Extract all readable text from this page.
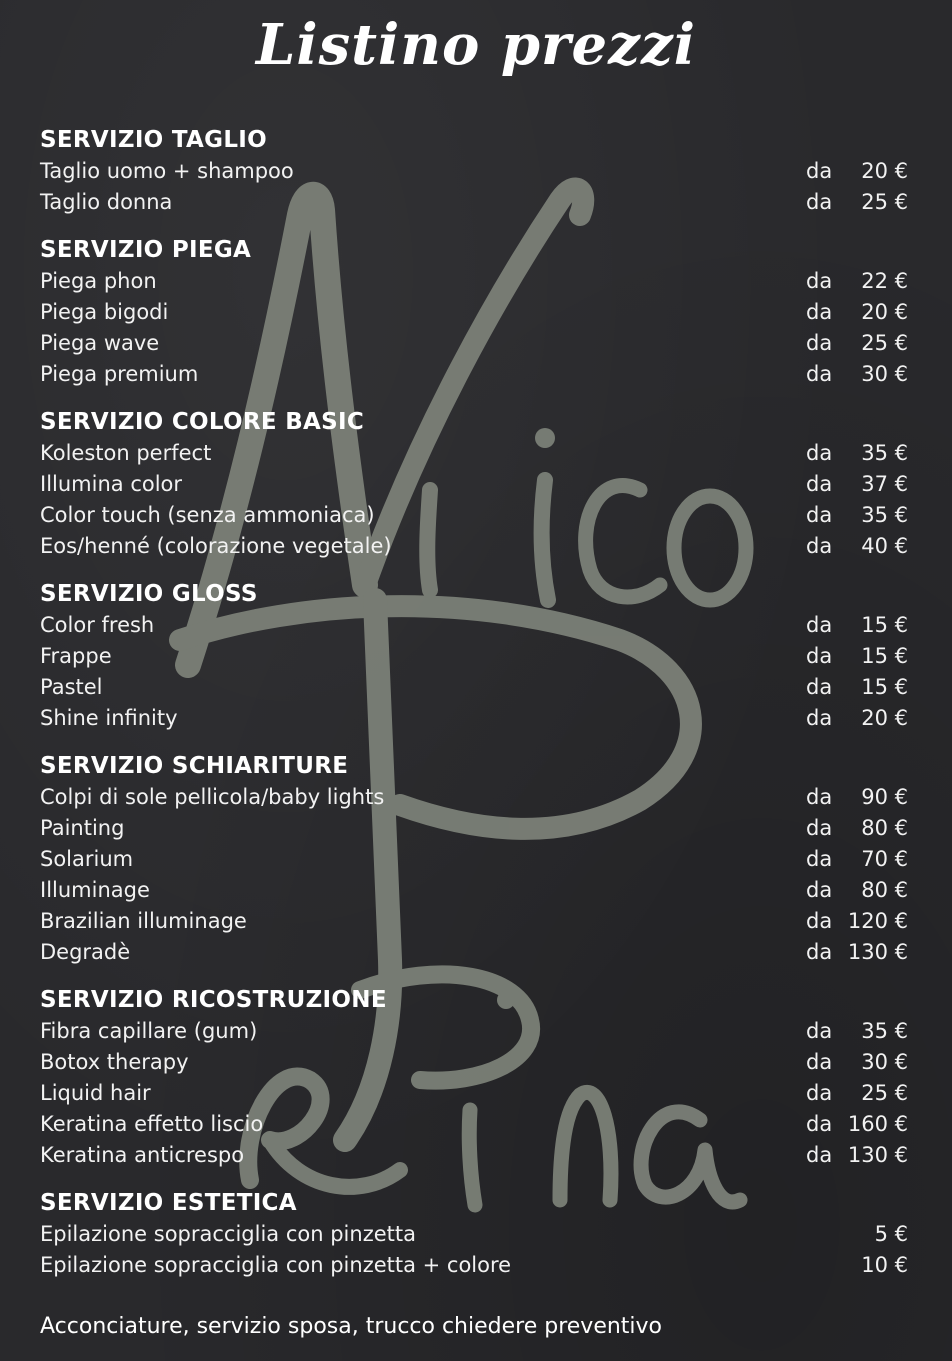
Listino prezzi
SERVIZIO TAGLIO
Taglio uomo + shampoo	da 20 €
Taglio donna	da 25 €
SERVIZIO PIEGA
Piega phon	da 22 €
Piega bigodi	da 20 €
Piega wave	da 25 €
Piega premium	da 30 €
SERVIZIO COLORE BASIC
Koleston perfect	da 35 €
Illumina color	da 37 €
Color touch (senza ammoniaca)	da 35 €
Eos/henné (colorazione vegetale)	da 40 €
SERVIZIO GLOSS
Color fresh	da 15 €
Frappe	da 15 €
Pastel	da 15 €
Shine infinity	da 20 €
SERVIZIO SCHIARITURE
Colpi di sole pellicola/baby lights	da 90 €
Painting	da 80 €
Solarium	da 70 €
Illuminage	da 80 €
Brazilian illuminage	da 120 €
Degradè	da 130 €
SERVIZIO RICOSTRUZIONE
Fibra capillare (gum)	da 35 €
Botox therapy	da 30 €
Liquid hair	da 25 €
Keratina effetto liscio	da 160 €
Keratina anticrespo	da 130 €
SERVIZIO ESTETICA
Epilazione sopracciglia con pinzetta	5 €
Epilazione sopracciglia con pinzetta + colore	10 €
Acconciature, servizio sposa, trucco chiedere preventivo
